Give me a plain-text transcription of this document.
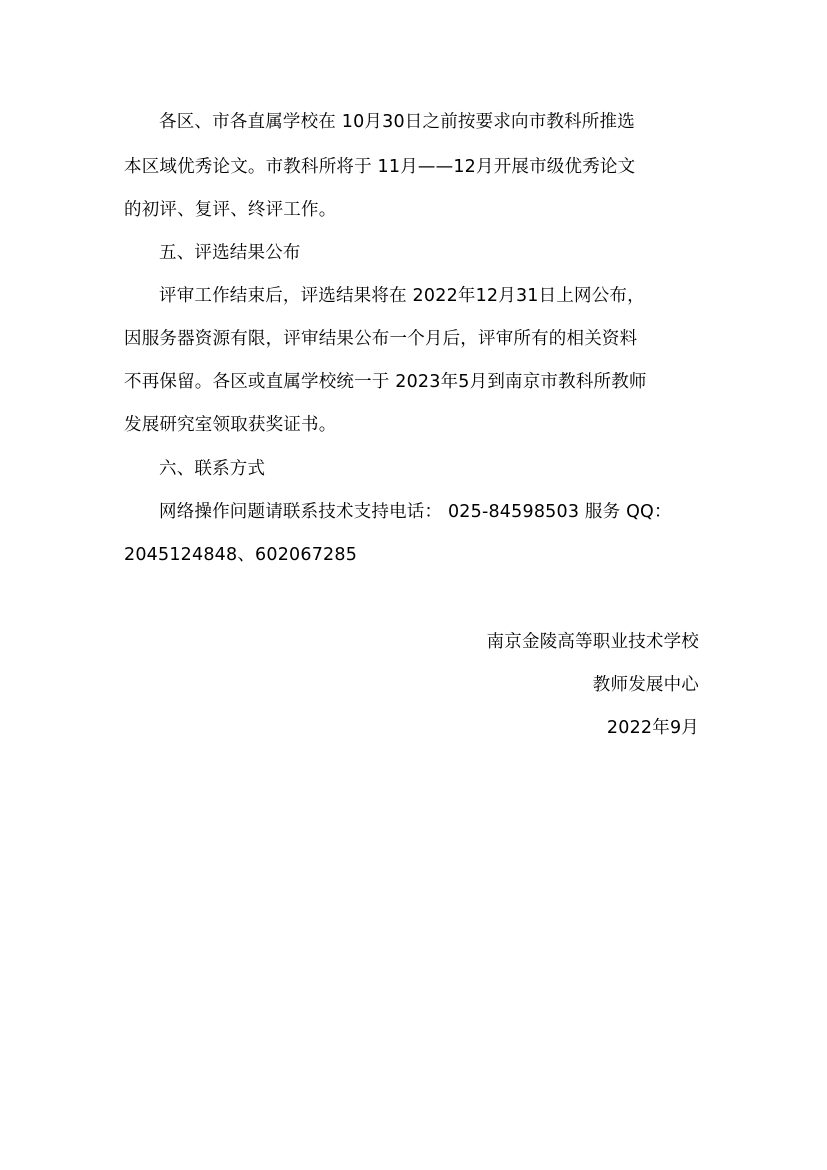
各区、市各直属学校在 10月30日之前按要求向市教科所推选
本区域优秀论文。市教科所将于 11月——12月开展市级优秀论文
的初评、复评、终评工作。
五、评选结果公布
评审工作结束后，评选结果将在 2022年12月31日上网公布，
因服务器资源有限，评审结果公布一个月后，评审所有的相关资料
不再保留。各区或直属学校统一于 2023年5月到南京市教科所教师
发展研究室领取获奖证书。
六、联系方式
网络操作问题请联系技术支持电话： 025-84598503 服务 QQ：
2045124848、602067285
南京金陵高等职业技术学校
教师发展中心
2022年9月
